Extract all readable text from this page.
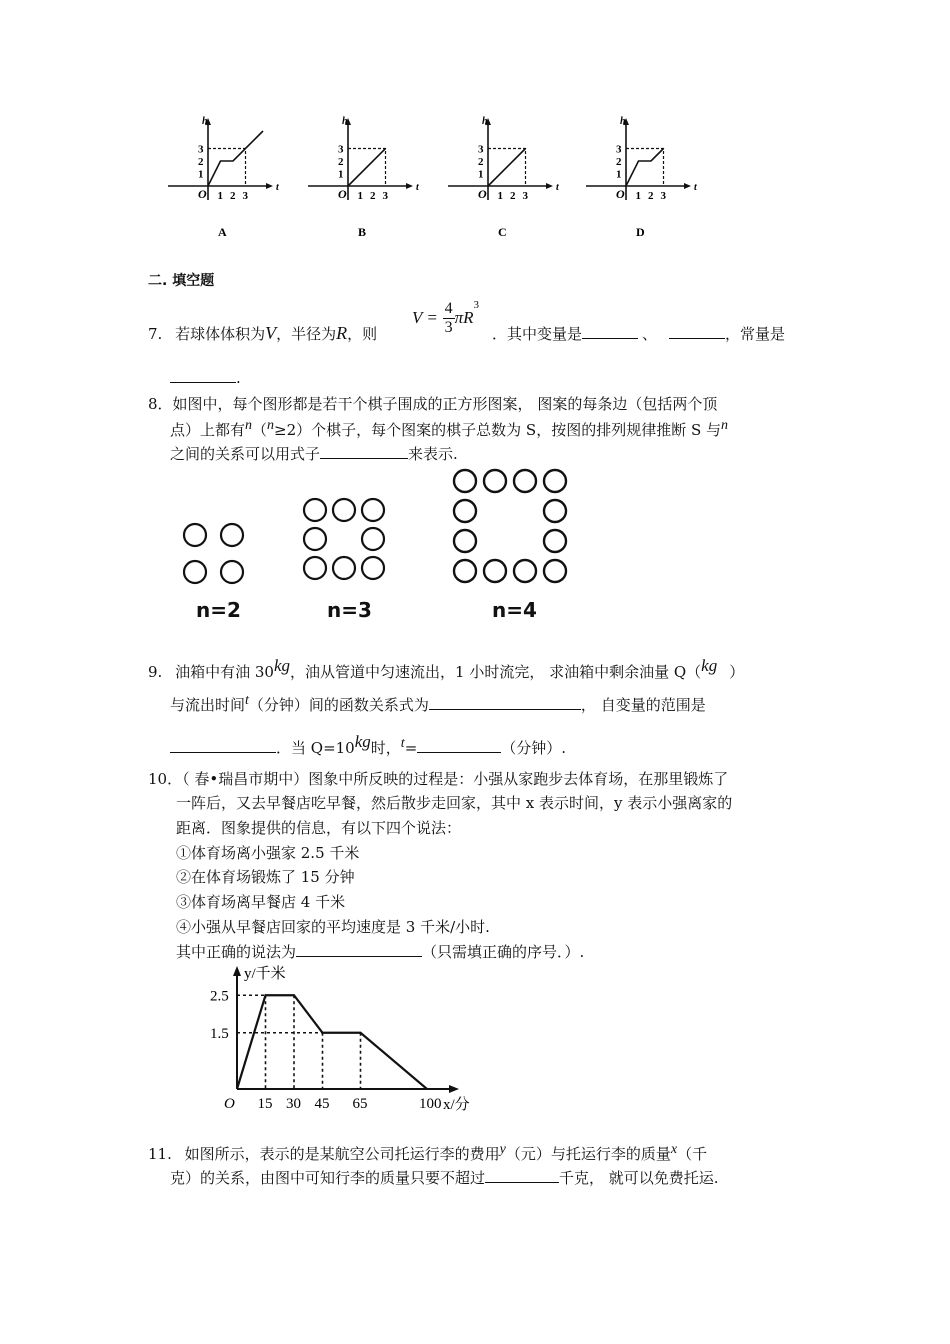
h
t
O
1
2
3
1 2 3
A
h
t
O
1
2
3
1 2 3
B
h
t
O
1
2
3
1 2 3
C
h
t
O
1
2
3
1 2 3
D
二. 填空题
7. 若球体体积为V，半径为R，则
$V = \frac{4}{3} \pi R^3$
．其中变量是	、	，常量是
.
8．如图中，每个图形都是若干个棋子围成的正方形图案， 图案的每条边（包括两个顶
点）上都有$^n$（$^n$≥2）个棋子，每个图案的棋子总数为 S，按图的排列规律推断 S 与$^n$
之间的关系可以用式子	来表示.
n=2	n=3	n=4
9. 油箱中有油 $30^{kg}$，油从管道中匀速流出，1 小时流完， 求油箱中剩余油量 Q（$^{kg}$ ）
与流出时间$^t$（分钟）间的函数关系式为	， 自变量的范围是
．当 $Q=10^{kg}$时，$^t$=	（分钟）.
10．（ 春•瑞昌市期中）图象中所反映的过程是：小强从家跑步去体育场，在那里锻炼了
一阵后，又去早餐店吃早餐，然后散步走回家，其中 x 表示时间，y 表示小强离家的
距离．图象提供的信息，有以下四个说法：
①体育场离小强家 2.5 千米
②在体育场锻炼了 15 分钟
③体育场离早餐店 4 千米
④小强从早餐店回家的平均速度是 3 千米/小时.
其中正确的说法为	（只需填正确的序号．）.
y/千米
x/分
O
2.5
1.5
15 30 45 65	100
11. 如图所示，表示的是某航空公司托运行李的费用$^y$（元）与托运行李的质量$^x$（千
克）的关系，由图中可知行李的质量只要不超过	千克， 就可以免费托运.
